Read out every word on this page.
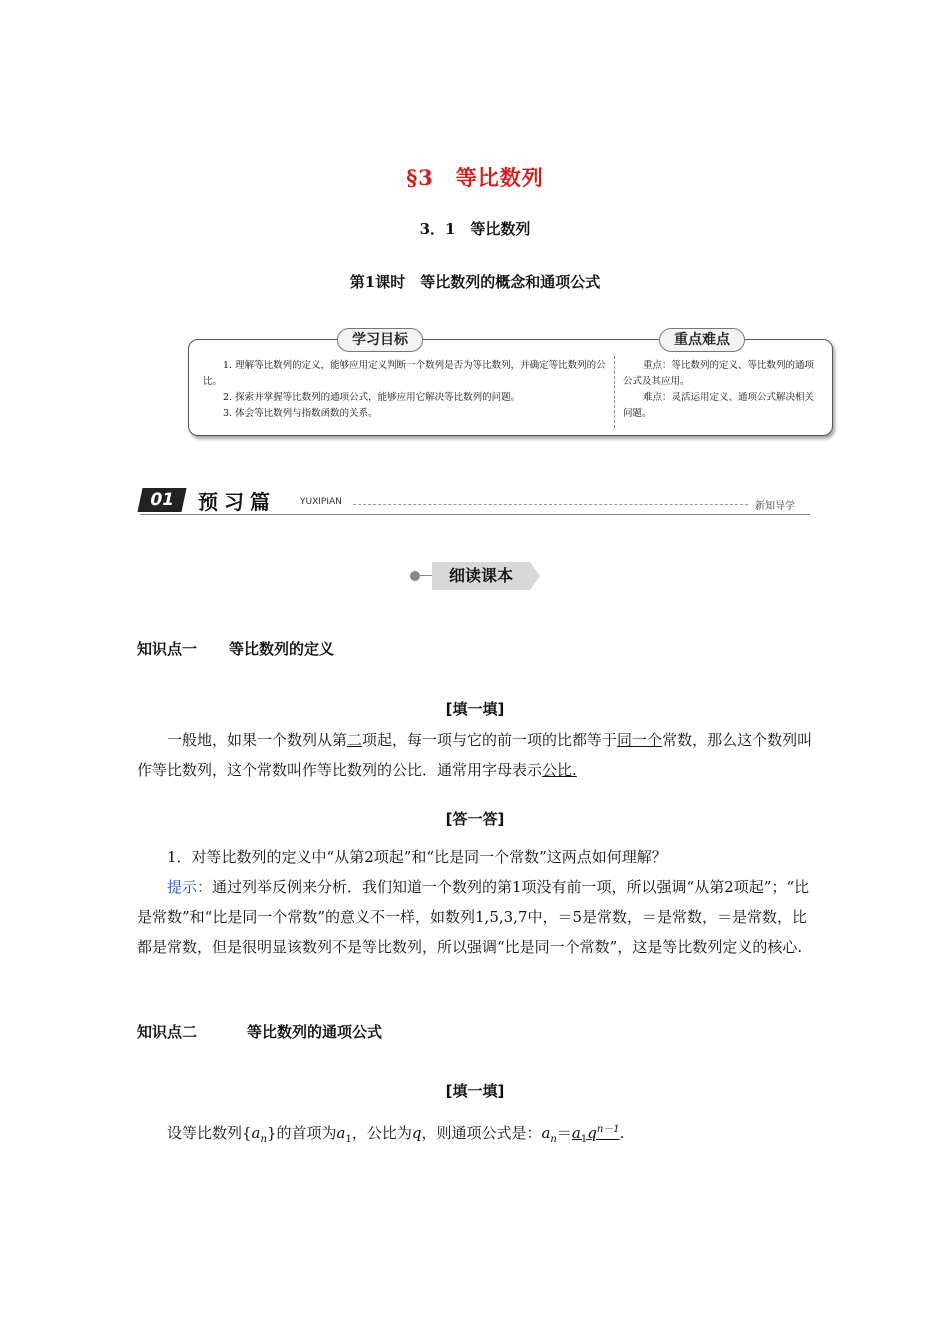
§3　等比数列
3．1　等比数列
第1课时　等比数列的概念和通项公式
学习目标	重点难点

1. 理解等比数列的定义，能够应用定义判断一个数列是否为等比数列，并确定等比数列的公比。

2. 探索并掌握等比数列的通项公式，能够应用它解决等比数列的问题。

3. 体会等比数列与指数函数的关系。

重点：等比数列的定义、等比数列的通项公式及其应用。

难点：灵活运用定义、通项公式解决相关问题。

01	预习篇	YUXIPIAN	新知导学
细读课本
知识点一 等比数列的定义
[填一填]

一般地，如果一个数列从第二项起，每一项与它的前一项的比都等于同一个常数，那么这个数列叫作等比数列，这个常数叫作等比数列的公比．通常用字母表示公比.

[答一答]

1．对等比数列的定义中“从第2项起”和“比是同一个常数”这两点如何理解？

提示：通过列举反例来分析．我们知道一个数列的第1项没有前一项，所以强调“从第2项起”；“比是常数”和“比是同一个常数”的意义不一样，如数列1,5,3,7中，＝5是常数，＝是常数，＝是常数，比都是常数，但是很明显该数列不是等比数列，所以强调“比是同一个常数”，这是等比数列定义的核心.

知识点二	等比数列的通项公式
[填一填]

设等比数列$\{a_n\}$的首项为$a_1$，公比为q，则通项公式是：$a_n=a_1q^{n-1}$.
